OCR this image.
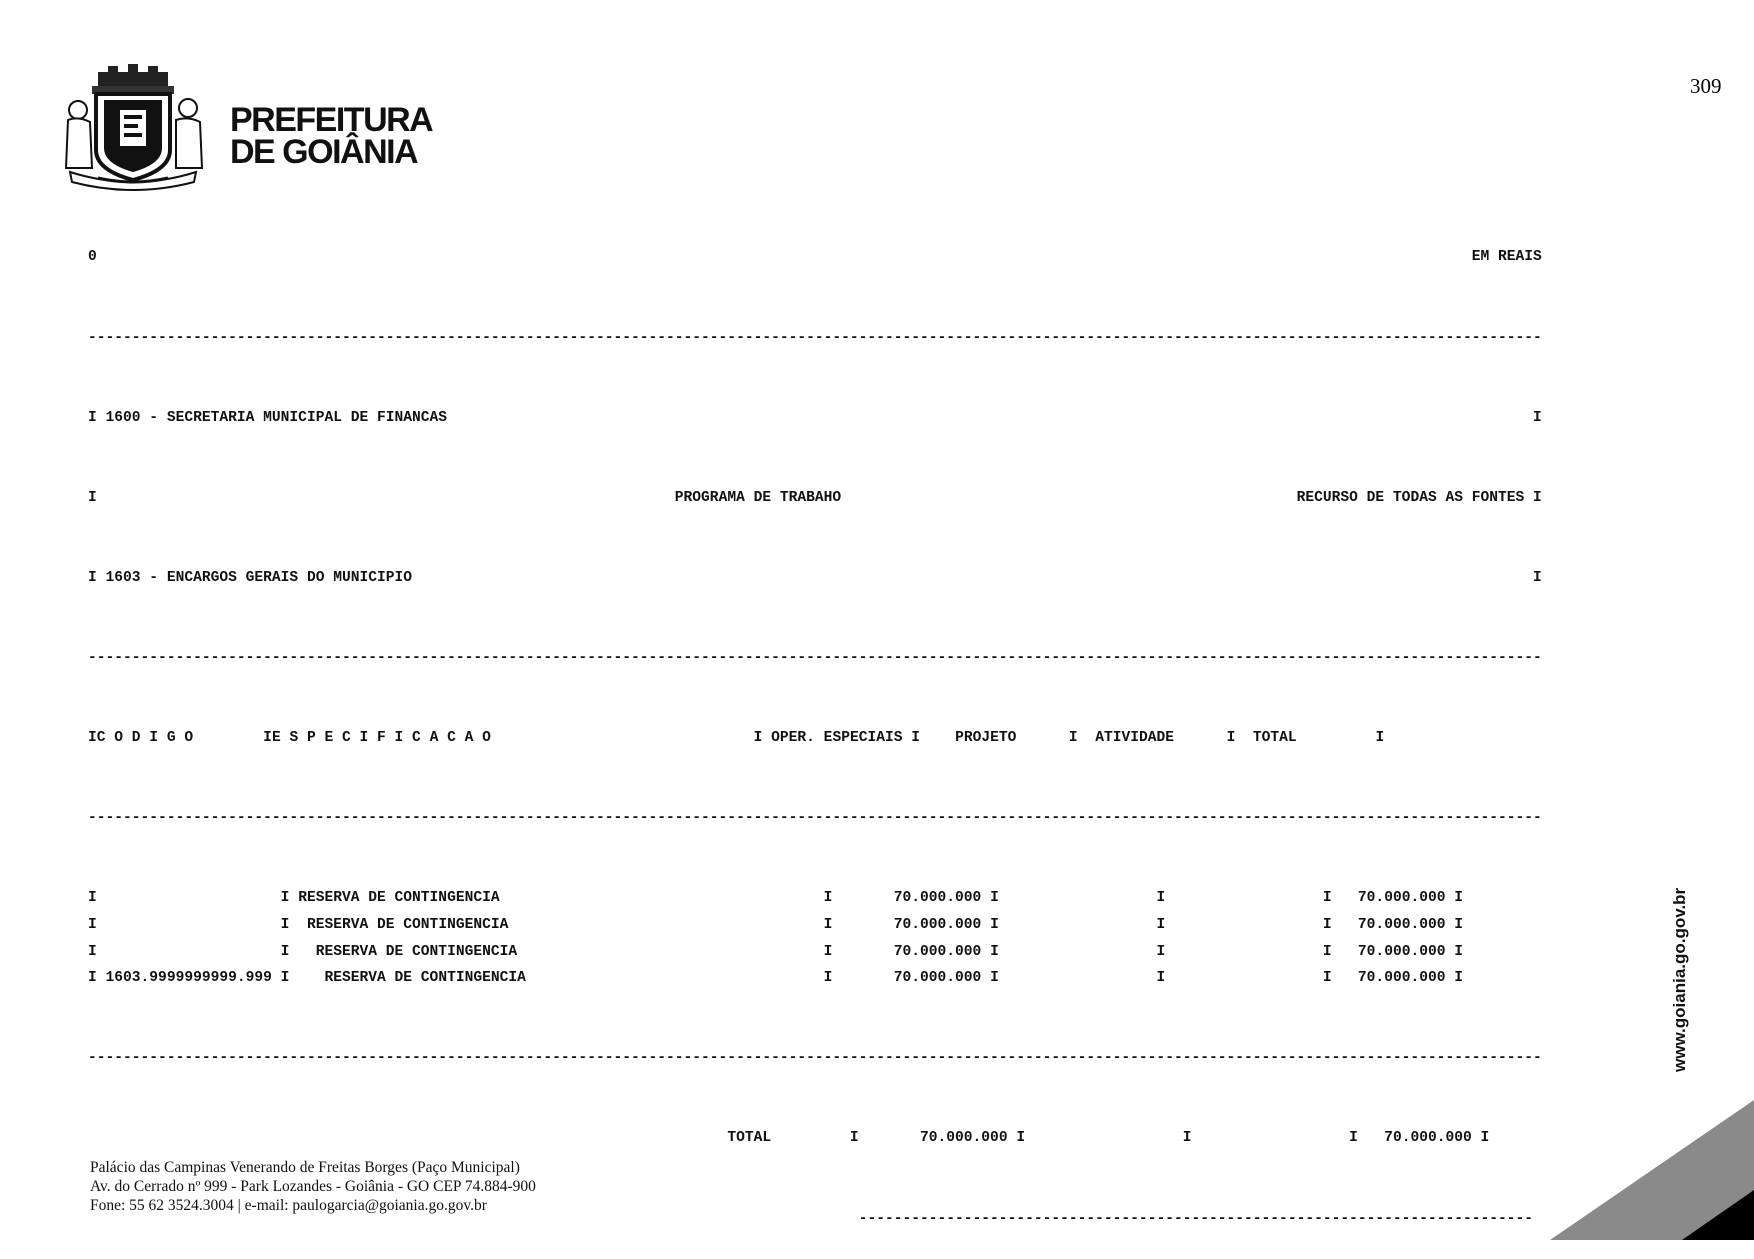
PREFEITURA
DE GOIÂNIA
309

0	EM REAIS

----------------------------------------------------------------------------------------------------------------------------------------------------------------------

I 1600 - SECRETARIA MUNICIPAL DE FINANCAS	I

I	PROGRAMA DE TRABAHO	RECURSO DE TODAS AS FONTES I

I 1603 - ENCARGOS GERAIS DO MUNICIPIO	I

----------------------------------------------------------------------------------------------------------------------------------------------------------------------

IC O D I G O        IE S P E C I F I C A C A O                              I OPER. ESPECIAIS I    PROJETO      I  ATIVIDADE      I  TOTAL         I

----------------------------------------------------------------------------------------------------------------------------------------------------------------------

I	I RESERVA DE CONTINGENCIA                                     I       70.000.000 I	I	I   70.000.000 I
I	I  RESERVA DE CONTINGENCIA                                    I       70.000.000 I	I	I   70.000.000 I
I	I   RESERVA DE CONTINGENCIA                                   I       70.000.000 I	I	I   70.000.000 I
I 1603.9999999999.999 I    RESERVA DE CONTINGENCIA                                  I       70.000.000 I	I	I   70.000.000 I

----------------------------------------------------------------------------------------------------------------------------------------------------------------------

TOTAL         I       70.000.000 I	I	I   70.000.000 I

-----------------------------------------------------------------------------

www.goiania.go.gov.br
Palácio das Campinas Venerando de Freitas Borges (Paço Municipal)
Av. do Cerrado nº 999 - Park Lozandes - Goiânia - GO CEP 74.884-900
Fone: 55 62 3524.3004 | e-mail: paulogarcia@goiania.go.gov.br
